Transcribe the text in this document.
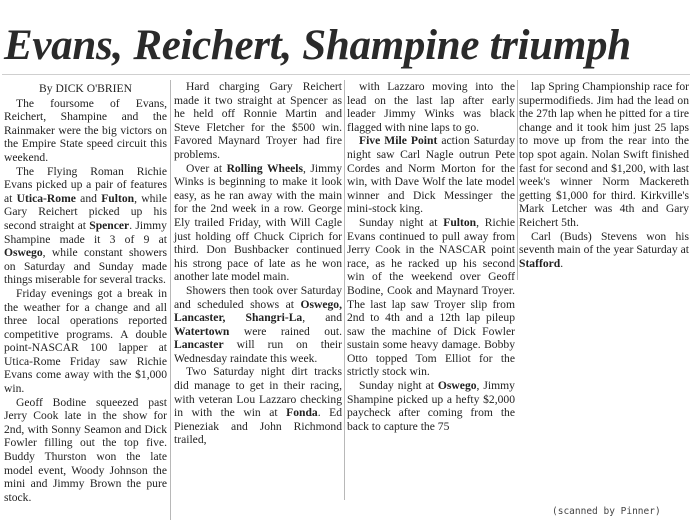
Evans, Reichert, Shampine triumph

By DICK O'BRIEN

The foursome of Evans, Reichert, Shampine and the Rainmaker were the big victors on the Empire State speed circuit this weekend.

The Flying Roman Richie Evans picked up a pair of features at Utica-Rome and Fulton, while Gary Reichert picked up his second straight at Spencer. Jimmy Shampine made it 3 of 9 at Oswego, while constant showers on Saturday and Sunday made things miserable for several tracks.

Friday evenings got a break in the weather for a change and all three local operations reported competitive programs. A double point-NASCAR 100 lapper at Utica-Rome Friday saw Richie Evans come away with the $1,000 win.

Geoff Bodine squeezed past Jerry Cook late in the show for 2nd, with Sonny Seamon and Dick Fowler filling out the top five. Buddy Thurston won the late model event, Woody Johnson the mini and Jimmy Brown the pure stock.

Hard charging Gary Reichert made it two straight at Spencer as he held off Ronnie Martin and Steve Fletcher for the $500 win. Favored Maynard Troyer had fire problems.

Over at Rolling Wheels, Jimmy Winks is beginning to make it look easy, as he ran away with the main for the 2nd week in a row. George Ely trailed Friday, with Will Cagle just holding off Chuck Ciprich for third. Don Bushbacker continued his strong pace of late as he won another late model main.

Showers then took over Saturday and scheduled shows at Oswego, Lancaster, Shangri-La, and Watertown were rained out. Lancaster will run on their Wednesday raindate this week.

Two Saturday night dirt tracks did manage to get in their racing, with veteran Lou Lazzaro checking in with the win at Fonda. Ed Pieneziak and John Richmond trailed,

with Lazzaro moving into the lead on the last lap after early leader Jimmy Winks was black flagged with nine laps to go.

Five Mile Point action Saturday night saw Carl Nagle outrun Pete Cordes and Norm Morton for the win, with Dave Wolf the late model winner and Dick Messinger the mini-stock king.

Sunday night at Fulton, Richie Evans continued to pull away from Jerry Cook in the NASCAR point race, as he racked up his second win of the weekend over Geoff Bodine, Cook and Maynard Troyer. The last lap saw Troyer slip from 2nd to 4th and a 12th lap pileup saw the machine of Dick Fowler sustain some heavy damage. Bobby Otto topped Tom Elliot for the strictly stock win.

Sunday night at Oswego, Jimmy Shampine picked up a hefty $2,000 paycheck after coming from the back to capture the 75

lap Spring Championship race for supermodifieds. Jim had the lead on the 27th lap when he pitted for a tire change and it took him just 25 laps to move up from the rear into the top spot again. Nolan Swift finished fast for second and $1,200, with last week's winner Norm Mackereth getting $1,000 for third. Kirkville's Mark Letcher was 4th and Gary Reichert 5th.

Carl (Buds) Stevens won his seventh main of the year Saturday at Stafford.

(scanned by Pinner)
